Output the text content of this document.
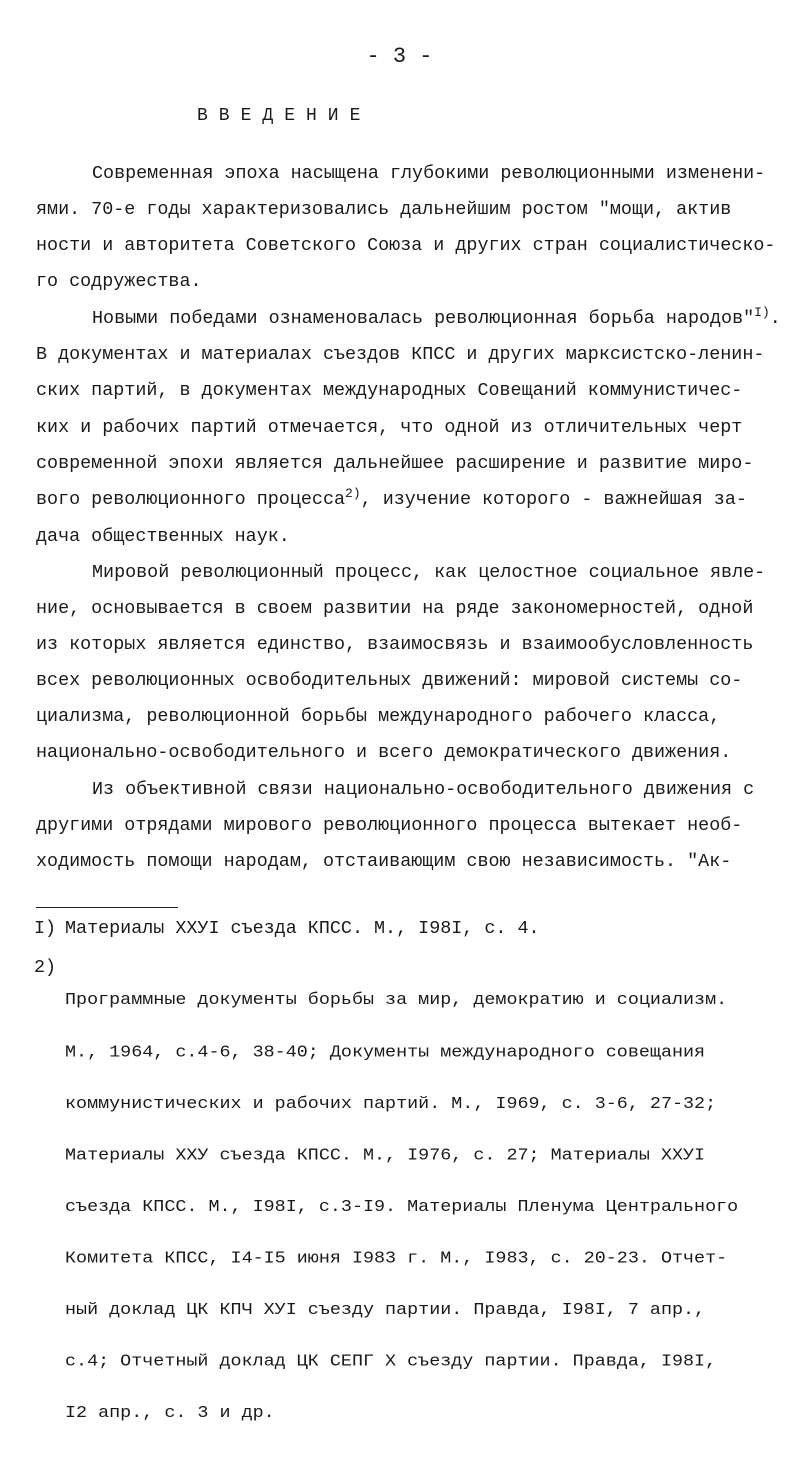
- 3 -
ВВЕДЕНИЕ
Современная эпоха насыщена глубокими революционными изменени-
ями. 70-е годы характеризовались дальнейшим ростом "мощи, актив
ности и авторитета Советского Союза и других стран социалистическо-
го содружества.
Новыми победами ознаменовалась революционная борьба народов"$^{I)}$.
В документах и материалах съездов КПСС и других марксистско-ленин-
ских партий, в документах международных Совещаний коммунистичес-
ких и рабочих партий отмечается, что одной из отличительных черт
современной эпохи является дальнейшее расширение и развитие миро-
вого революционного процесса$^{2)}$, изучение которого - важнейшая за-
дача общественных наук.
Мировой революционный процесс, как целостное социальное явле-
ние, основывается в своем развитии на ряде закономерностей, одной
из которых является единство, взаимосвязь и взаимообусловленность
всех революционных освободительных движений: мировой системы со-
циализма, революционной борьбы международного рабочего класса,
национально-освободительного и всего демократического движения.
Из объективной связи национально-освободительного движения с
другими отрядами мирового революционного процесса вытекает необ-
ходимость помощи народам, отстаивающим свою независимость. "Ак-
I) Материалы ХХУI съезда КПСС. М., I98I, с. 4.
2)

Программные документы борьбы за мир, демократию и социализм.

М., 1964, с.4-6, 38-40; Документы международного совещания

коммунистических и рабочих партий. М., I969, с. 3-6, 27-32;

Материалы ХХУ съезда КПСС. М., I976, с. 27; Материалы ХХУI

съезда КПСС. М., I98I, с.3-I9. Материалы Пленума Центрального

Комитета КПСС, I4-I5 июня I983 г. М., I983, с. 20-23. Отчет-

ный доклад ЦК КПЧ ХУI съезду партии. Правда, I98I, 7 апр.,

с.4; Отчетный доклад ЦК СЕПГ Х съезду партии. Правда, I98I,

I2 апр., с. 3 и др.
